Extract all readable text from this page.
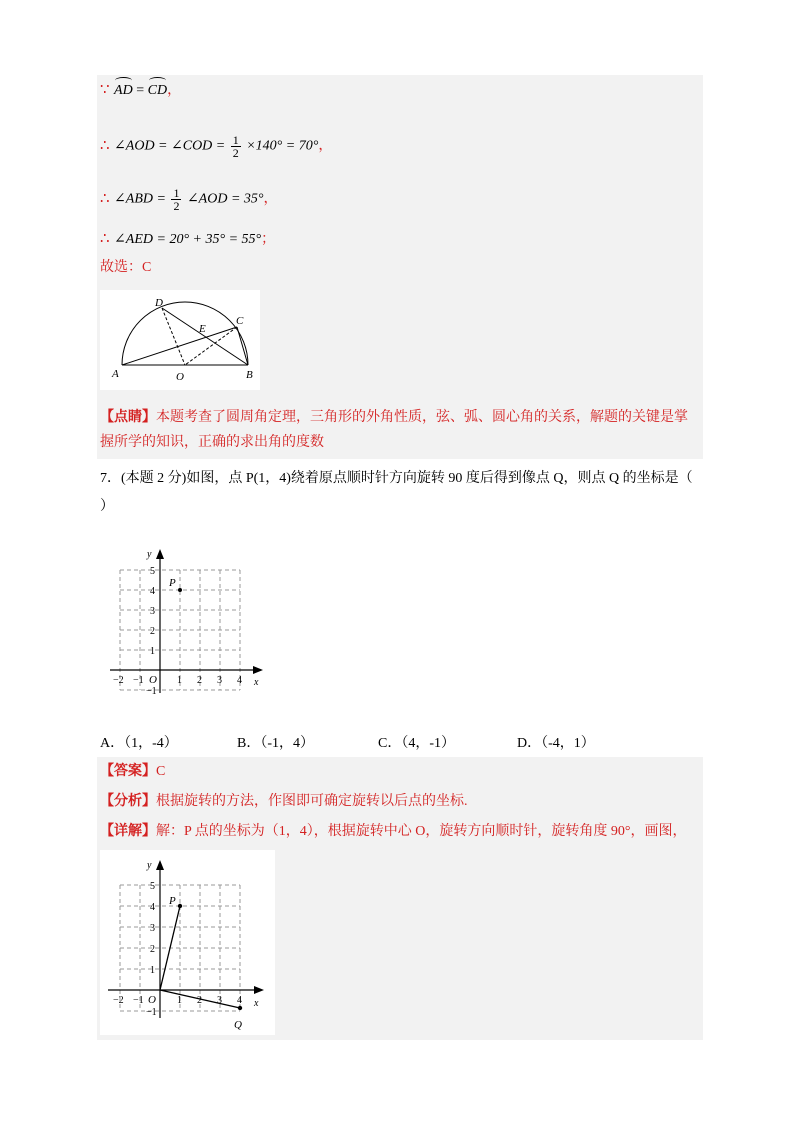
∵ AD = CD，
∴ ∠AOD = ∠COD = $\frac{1}{2} \times 140^\circ = 70^\circ$，
∴ ∠ABD = $\frac{1}{2}$ ∠AOD = 35°，
∴ ∠AED = 20° + 35° = 55°；
故选：C
A	B
C
D
E
O
【点睛】本题考查了圆周角定理，三角形的外角性质，弦、弧、圆心角的关系，解题的关键是掌
握所学的知识，正确的求出角的度数
7．(本题 2 分)如图，点 P(1，4)绕着原点顺时针方向旋转 90 度后得到像点 Q，则点 Q 的坐标是（
）
y
x
O
P
−2 −1	1 2 3 4
5
4
3
2
1
−1
A．（1，-4）	B．（-1，4）	C．（4，-1）	D．（-4，1）
【答案】C
【分析】根据旋转的方法，作图即可确定旋转以后点的坐标.
【详解】解：P 点的坐标为（1，4），根据旋转中心 O，旋转方向顺时针，旋转角度 90°，画图，
y
x
O
P
Q
−2 −1	1 2 3 4
5
4
3
2
1
−1
